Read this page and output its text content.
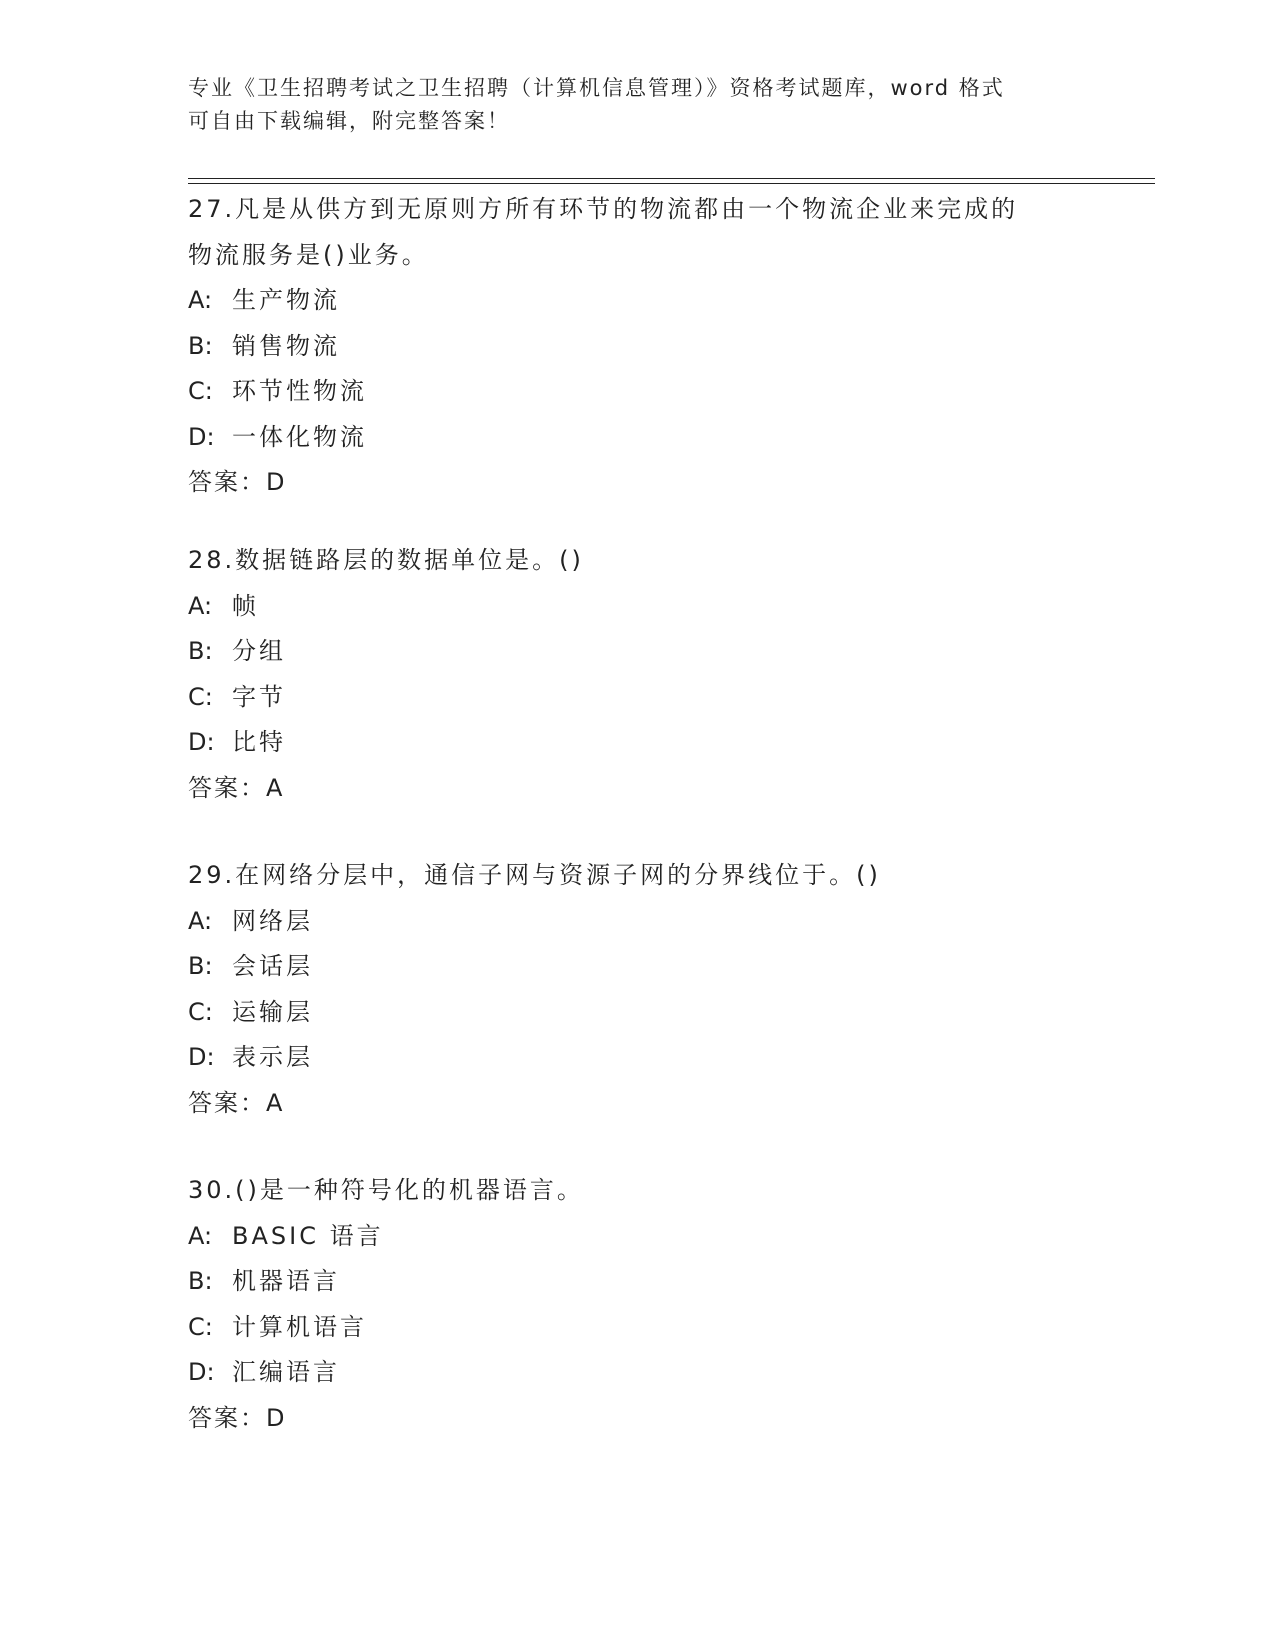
专业《卫生招聘考试之卫生招聘（计算机信息管理）》资格考试题库，word 格式
可自由下载编辑，附完整答案！
27.凡是从供方到无原则方所有环节的物流都由一个物流企业来完成的
物流服务是()业务。
A: 生产物流
B: 销售物流
C: 环节性物流
D: 一体化物流
答案：D
28.数据链路层的数据单位是。()
A: 帧
B: 分组
C: 字节
D: 比特
答案：A
29.在网络分层中，通信子网与资源子网的分界线位于。()
A: 网络层
B: 会话层
C: 运输层
D: 表示层
答案：A
30.()是一种符号化的机器语言。
A: BASIC 语言
B: 机器语言
C: 计算机语言
D: 汇编语言
答案：D
